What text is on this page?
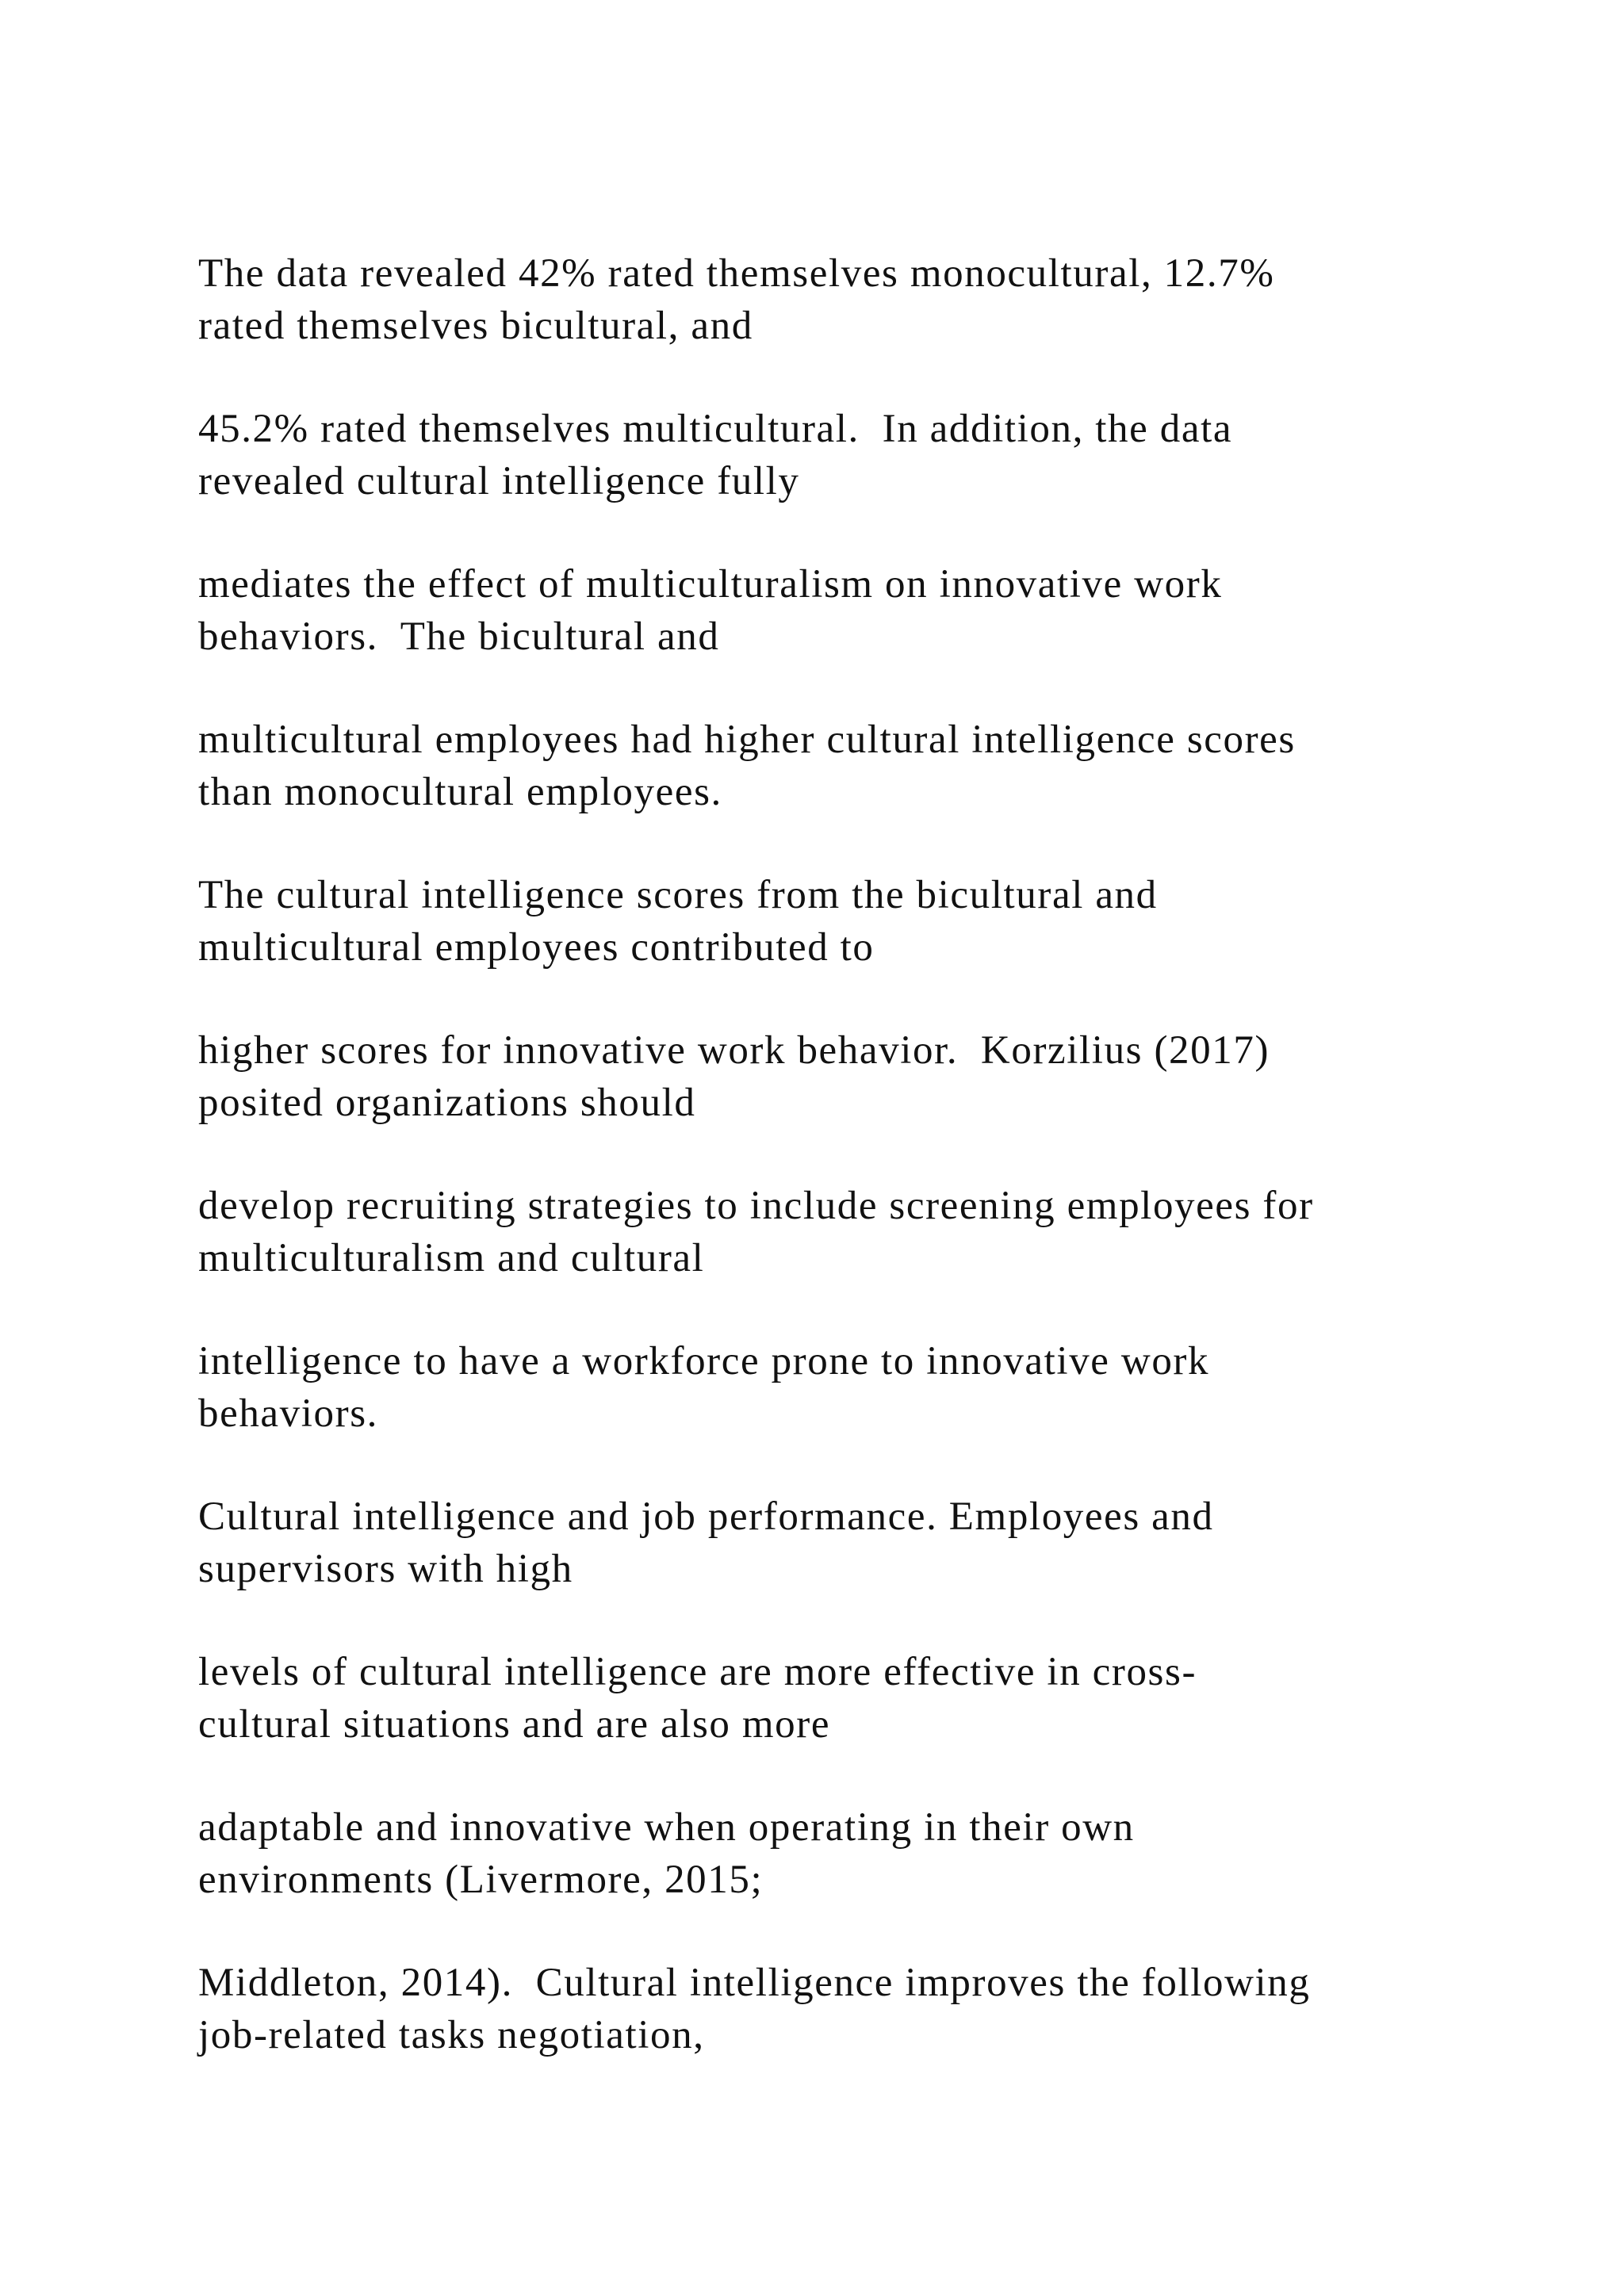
The data revealed 42% rated themselves monocultural, 12.7%
rated themselves bicultural, and

45.2% rated themselves multicultural.  In addition, the data
revealed cultural intelligence fully

mediates the effect of multiculturalism on innovative work
behaviors.  The bicultural and

multicultural employees had higher cultural intelligence scores
than monocultural employees.

The cultural intelligence scores from the bicultural and
multicultural employees contributed to

higher scores for innovative work behavior.  Korzilius (2017)
posited organizations should

develop recruiting strategies to include screening employees for
multiculturalism and cultural

intelligence to have a workforce prone to innovative work
behaviors.

Cultural intelligence and job performance. Employees and
supervisors with high

levels of cultural intelligence are more effective in cross-
cultural situations and are also more

adaptable and innovative when operating in their own
environments (Livermore, 2015;

Middleton, 2014).  Cultural intelligence improves the following
job-related tasks negotiation,
